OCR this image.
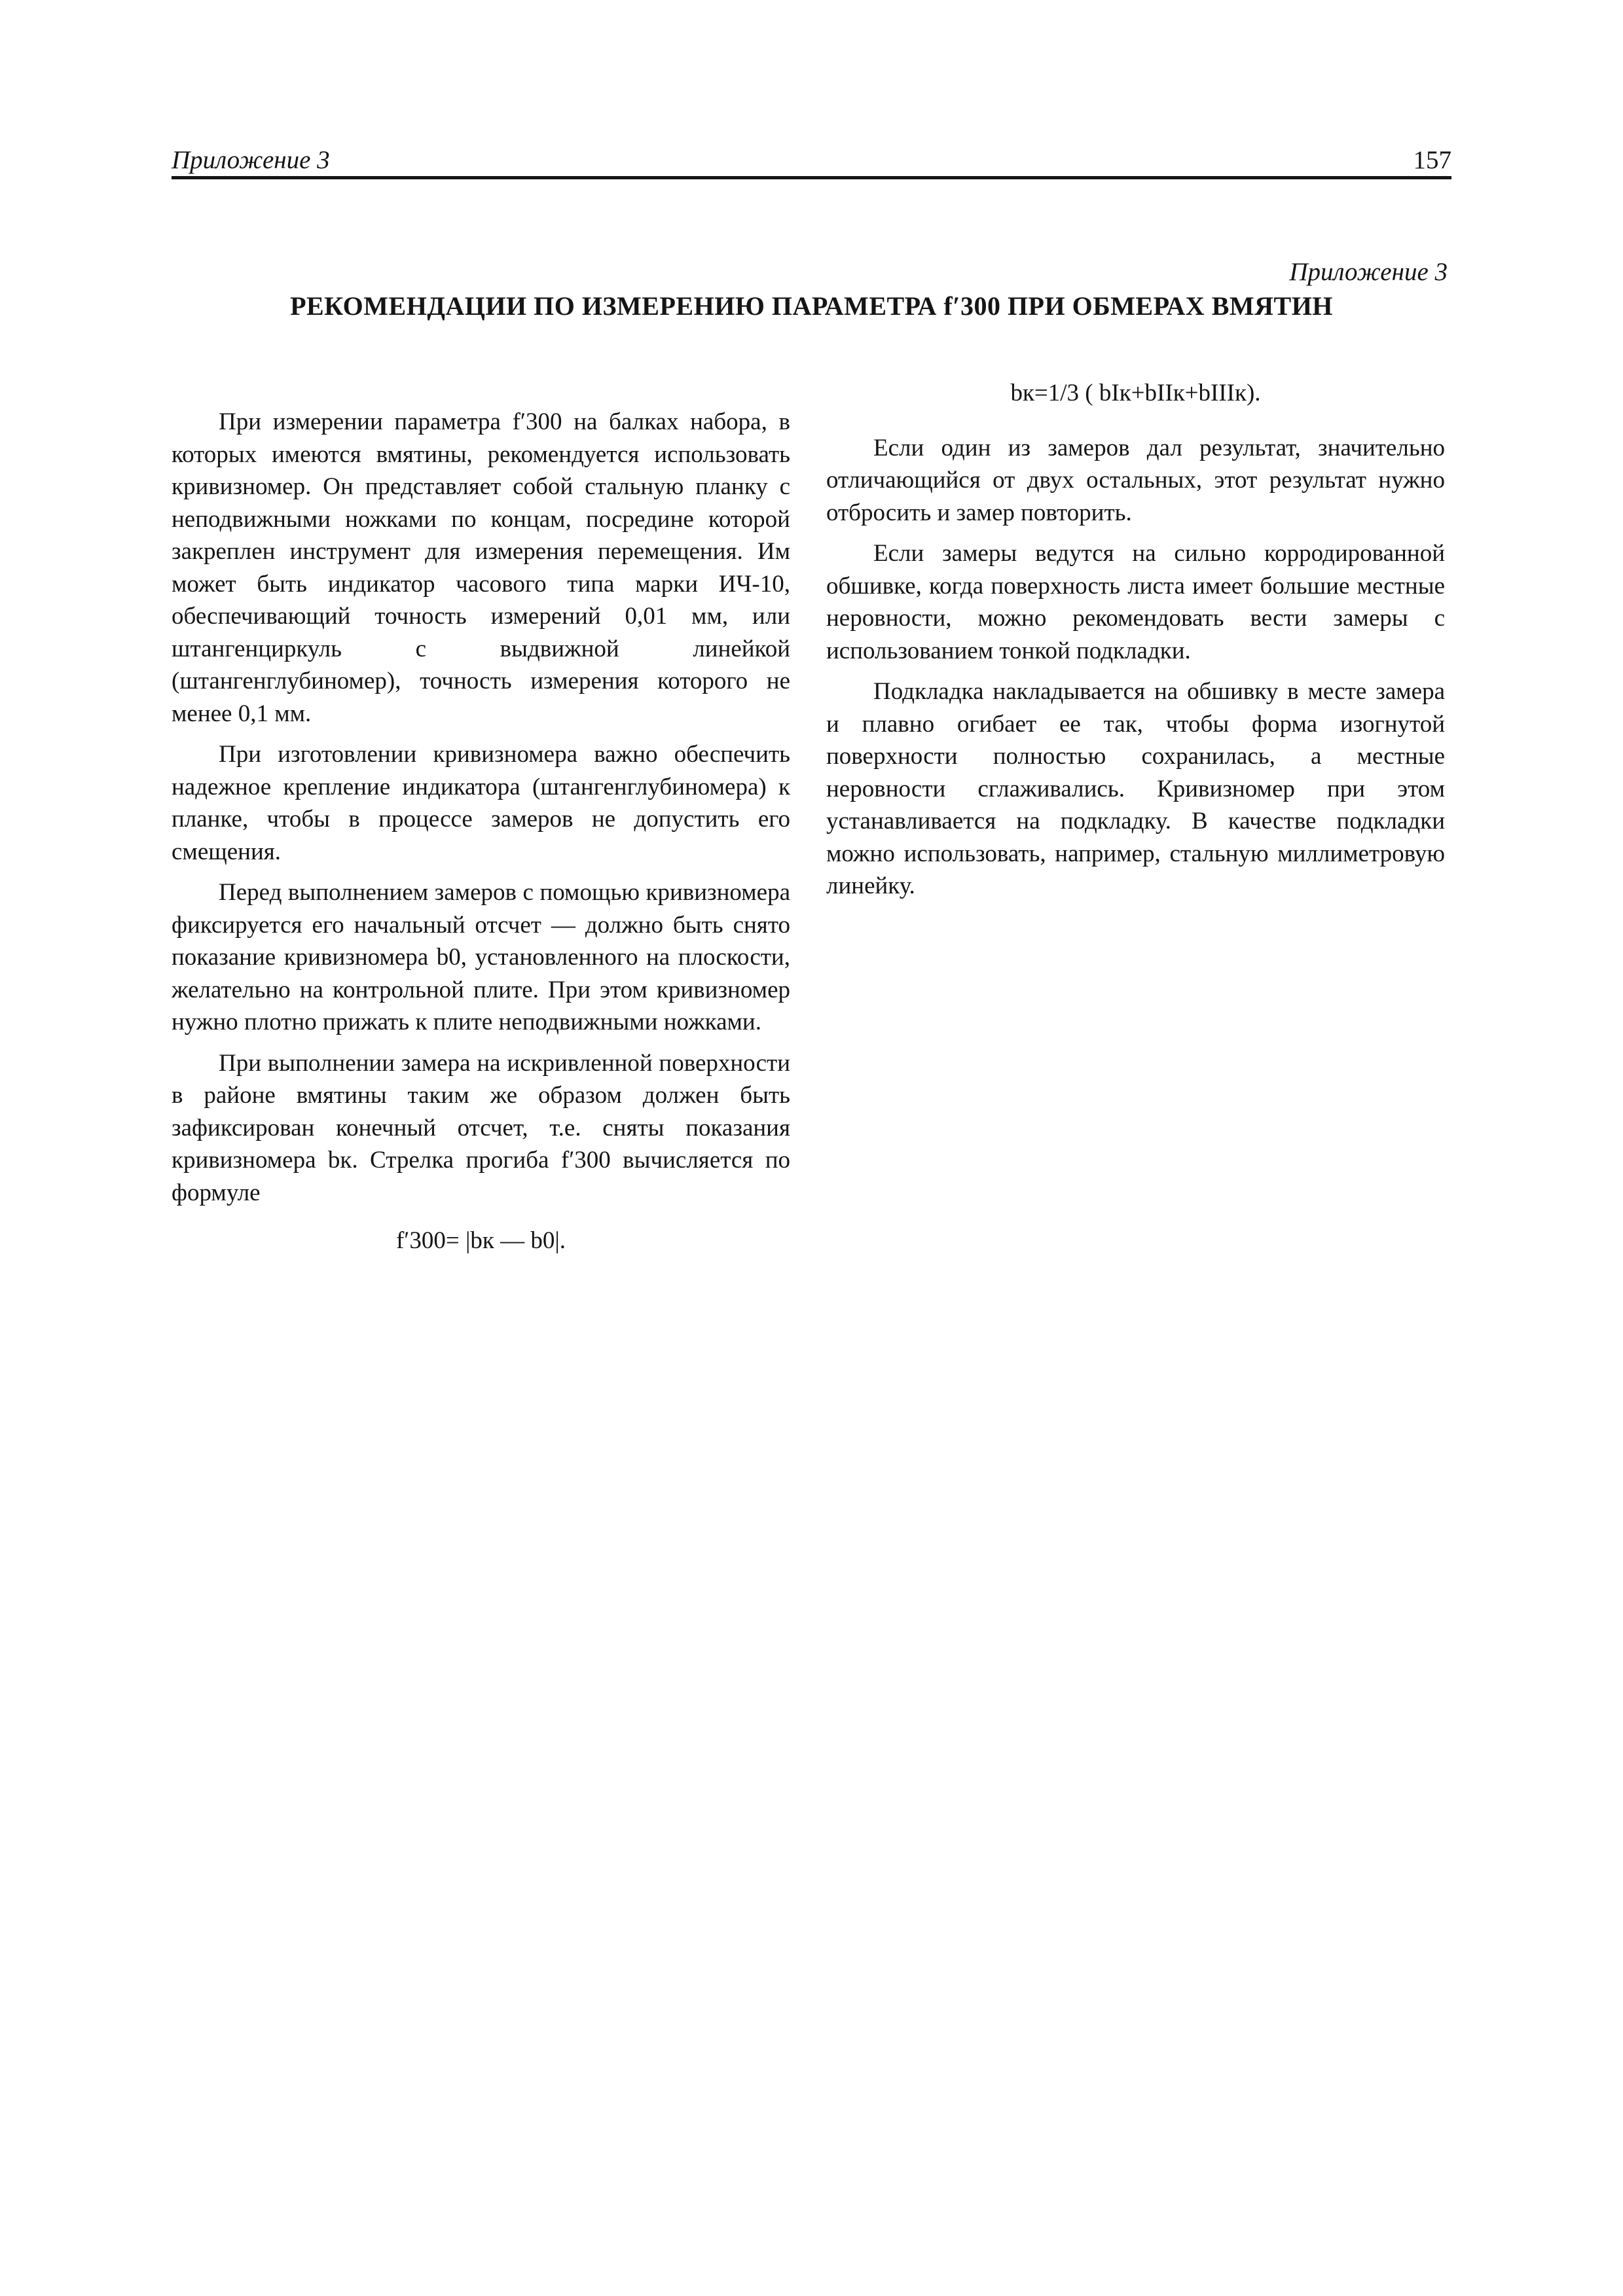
Приложение 3	157
Приложение 3
РЕКОМЕНДАЦИИ ПО ИЗМЕРЕНИЮ ПАРАМЕТРА f′300 ПРИ ОБМЕРАХ ВМЯТИН

При измерении параметра f′300 на балках набора, в которых имеются вмятины, рекомендуется использовать кривизномер. Он представляет собой стальную планку с неподвижными ножками по концам, посредине которой закреплен инструмент для измерения перемещения. Им может быть индикатор часового типа марки ИЧ-10, обеспечивающий точность измерений 0,01 мм, или штангенциркуль с выдвижной линейкой (штангенглубиномер), точность измерения которого не менее 0,1 мм.

При изготовлении кривизномера важно обеспечить надежное крепление индикатора (штангенглубиномера) к планке, чтобы в процессе замеров не допустить его смещения.

Перед выполнением замеров с помощью кривизномера фиксируется его начальный отсчет — должно быть снято показание кривизномера b0, установленного на плоскости, желательно на контрольной плите. При этом кривизномер нужно плотно прижать к плите неподвижными ножками.

При выполнении замера на искривленной поверхности в районе вмятины таким же образом должен быть зафиксирован конечный отсчет, т.е. сняты показания кривизномера bк. Стрелка прогиба f′300 вычисляется по формуле

f′300= |bк — b0|.
bк=1/3 ( bIк+bIIк+bIIIк).

Если один из замеров дал результат, значительно отличающийся от двух остальных, этот результат нужно отбросить и замер повторить.

Если замеры ведутся на сильно корродированной обшивке, когда поверхность листа имеет большие местные неровности, можно рекомендовать вести замеры с использованием тонкой подкладки.

Подкладка накладывается на обшивку в месте замера и плавно огибает ее так, чтобы форма изогнутой поверхности полностью сохранилась, а местные неровности сглаживались. Кривизномер при этом устанавливается на подкладку. В качестве подкладки можно использовать, например, стальную миллиметровую линейку.
